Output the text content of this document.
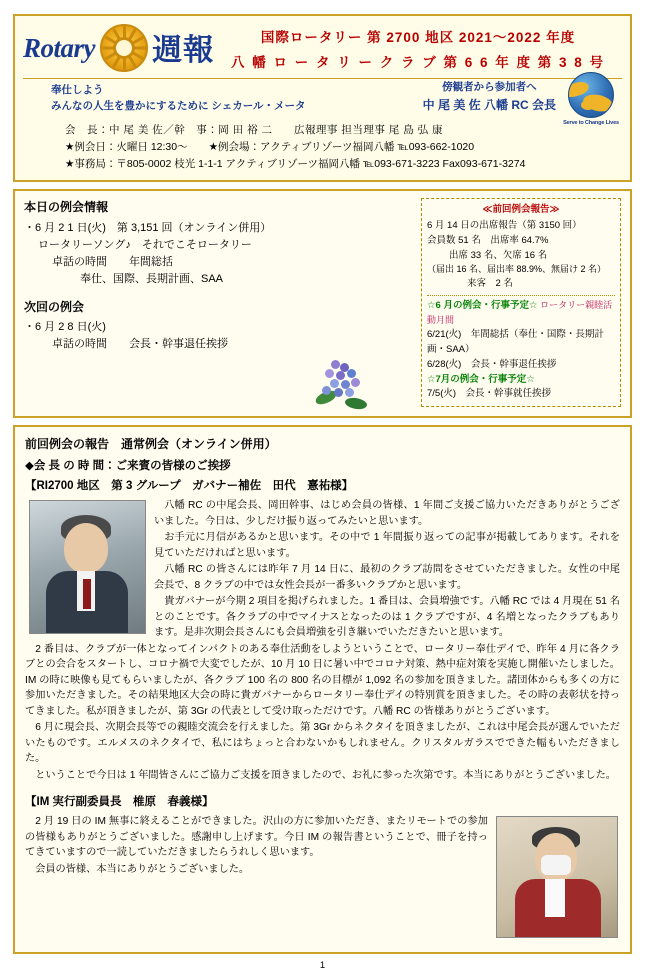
Rotary 週報	国際ロータリー 第 2700 地区 2021〜2022 年度
八 幡 ロ ー タ リ ー ク ラ ブ 第 6 6 年 度 第 3 8 号
奉仕しよう
みんなの人生を豊かにするために シェカール・メータ
傍観者から参加者へ
中 尾 美 佐 八幡 RC 会長
Serve to Change Lives
会　長：中 尾 美 佐／幹　事：岡 田 裕 二 広報理事 担当理事 尾 島 弘 康
★例会日：火曜日 12:30〜　　★例会場：アクティブリゾーツ福岡八幡 ℡093-662-1020
★事務局：〒805-0002 枝光 1-1-1 アクティブリゾーツ福岡八幡 ℡093-671-3223 Fax093-671-3274
本日の例会情報
・6 月 2 1 日(火)　第 3,151 回（オンライン併用）
ロータリーソング♪　それでこそロータリー
卓話の時間　　年間総括
奉仕、国際、長期計画、SAA
次回の例会
・6 月 2 8 日(火)
卓話の時間　　会長・幹事退任挨拶
≪前回例会報告≫
6 月 14 日の出席報告（第 3150 回）
会員数 51 名　出席率 64.7%
出席 33 名、欠席 16 名
（届出 16 名、届出率 88.9%、無届け 2 名）
来客　2 名
☆6 月の例会・行事予定☆ ロータリー親睦活動月間
6/21(火)　年間総括（奉仕・国際・長期計画・SAA）
6/28(火)　会長・幹事退任挨拶
☆7月の例会・行事予定☆
7/5(火)　会長・幹事就任挨拶
前回例会の報告　通常例会（オンライン併用）
◆会 長 の 時 間：ご来賓の皆様のご挨拶
【RI2700 地区　第 3 グループ　ガバナー補佐　田代　憙祐様】

八幡 RC の中尾会長、岡田幹事、はじめ会員の皆様、1 年間ご支援ご協力いただきありがとうございました。今日は、少しだけ振り返ってみたいと思います。

お手元に月信があるかと思います。その中で 1 年間振り返っての記事が掲載してあります。それを見ていただければと思います。

八幡 RC の皆さんには昨年 7 月 14 日に、最初のクラブ訪問をさせていただきました。女性の中尾会長で、8 クラブの中では女性会長が一番多いクラブかと思います。

貴ガバナーが今期 2 項目を掲げられました。1 番目は、会員増強です。八幡 RC では 4 月現在 51 名とのことです。各クラブの中でマイナスとなったのは 1 クラブですが、4 名増となったクラブもあります。是非次期会長さんにも会員増強を引き継いでいただきたいと思います。

2 番目は、クラブが一体となってインパクトのある奉仕活動をしようということで、ロータリー奉仕デイで、昨年 4 月に各クラブとの会合をスタートし、コロナ禍で大変でしたが、10 月 10 日に暑い中でコロナ対策、熱中症対策を実施し開催いたしました。IM の時に映像も見てもらいましたが、各クラブ 100 名の 800 名の目標が 1,092 名の参加を頂きました。諸団体からも多くの方に参加いただきました。その結果地区大会の時に貴ガバナーからロータリー奉仕デイの特別賞を頂きました。その時の表彰状を持ってきました。私が頂きましたが、第 3Gr の代表として受け取っただけです。八幡 RC の皆様ありがとうございます。

6 月に現会長、次期会長等での親睦交流会を行えました。第 3Gr からネクタイを頂きましたが、これは中尾会長が選んでいただいたものです。エルメスのネクタイで、私にはちょっと合わないかもしれません。クリスタルガラスでできた幅もいただきました。

ということで今日は 1 年間皆さんにご協力ご支援を頂きましたので、お礼に参った次第です。本当にありがとうございました。

【IM 実行副委員長　椎原　春義様】

2 月 19 日の IM 無事に終えることができました。沢山の方に参加いただき、またリモートでの参加の皆様もありがとうございました。感謝申し上げます。今日 IM の報告書ということで、冊子を持ってきていますので一読していただきましたらうれしく思います。

会員の皆様、本当にありがとうございました。

1
